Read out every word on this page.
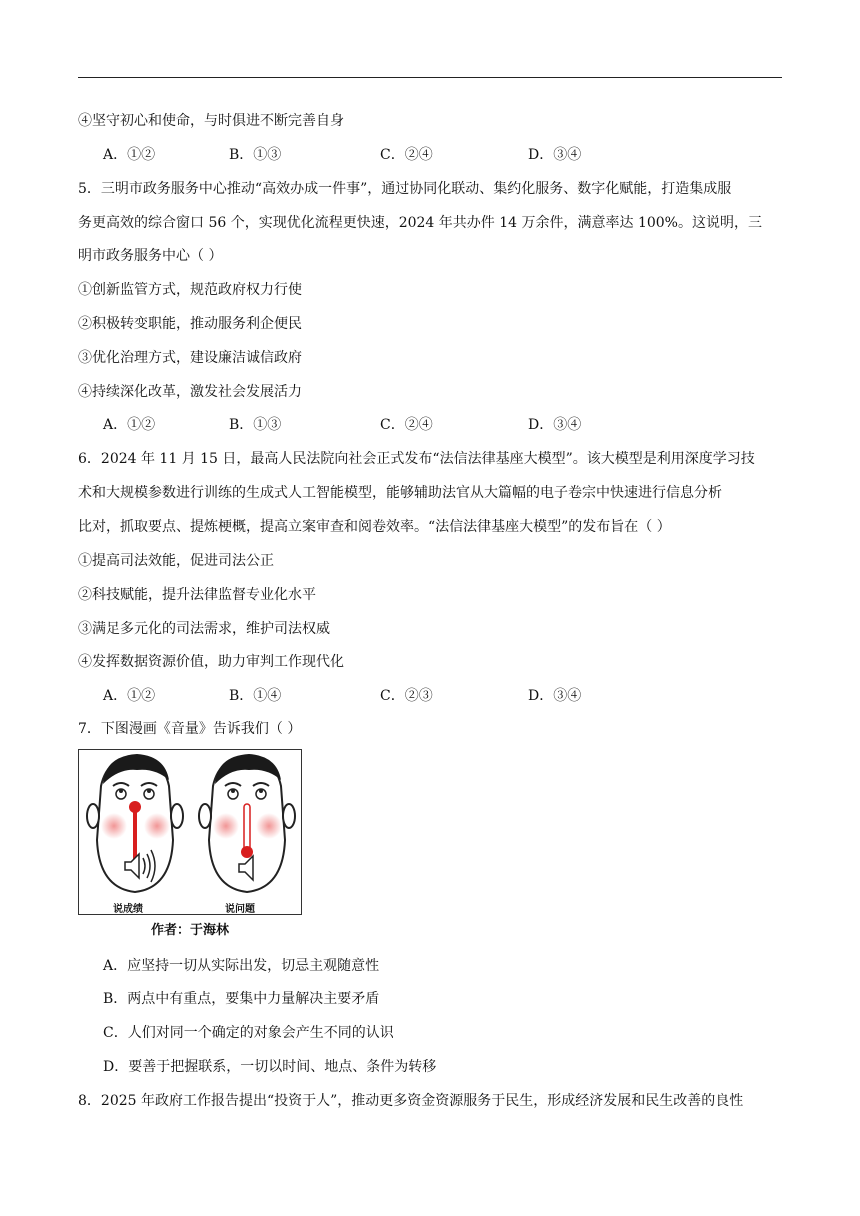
④坚守初心和使命，与时俱进不断完善自身
A．①②	B．①③	C．②④	D．③④
5．三明市政务服务中心推动“高效办成一件事”，通过协同化联动、集约化服务、数字化赋能，打造集成服
务更高效的综合窗口 56 个，实现优化流程更快速，2024 年共办件 14 万余件，满意率达 100%。这说明，三
明市政务服务中心（ ）
①创新监管方式，规范政府权力行使
②积极转变职能，推动服务利企便民
③优化治理方式，建设廉洁诚信政府
④持续深化改革，激发社会发展活力
A．①②	B．①③	C．②④	D．③④
6．2024 年 11 月 15 日，最高人民法院向社会正式发布“法信法律基座大模型”。该大模型是利用深度学习技
术和大规模参数进行训练的生成式人工智能模型，能够辅助法官从大篇幅的电子卷宗中快速进行信息分析
比对，抓取要点、提炼梗概，提高立案审查和阅卷效率。“法信法律基座大模型”的发布旨在（ ）
①提高司法效能，促进司法公正
②科技赋能，提升法律监督专业化水平
③满足多元化的司法需求，维护司法权威
④发挥数据资源价值，助力审判工作现代化
A．①②	B．①④	C．②③	D．③④
7．下图漫画《音量》告诉我们（ ）
说成绩	说问题
作者：于海林
A．应坚持一切从实际出发，切忌主观随意性
B．两点中有重点，要集中力量解决主要矛盾
C．人们对同一个确定的对象会产生不同的认识
D．要善于把握联系，一切以时间、地点、条件为转移
8．2025 年政府工作报告提出“投资于人”，推动更多资金资源服务于民生，形成经济发展和民生改善的良性
